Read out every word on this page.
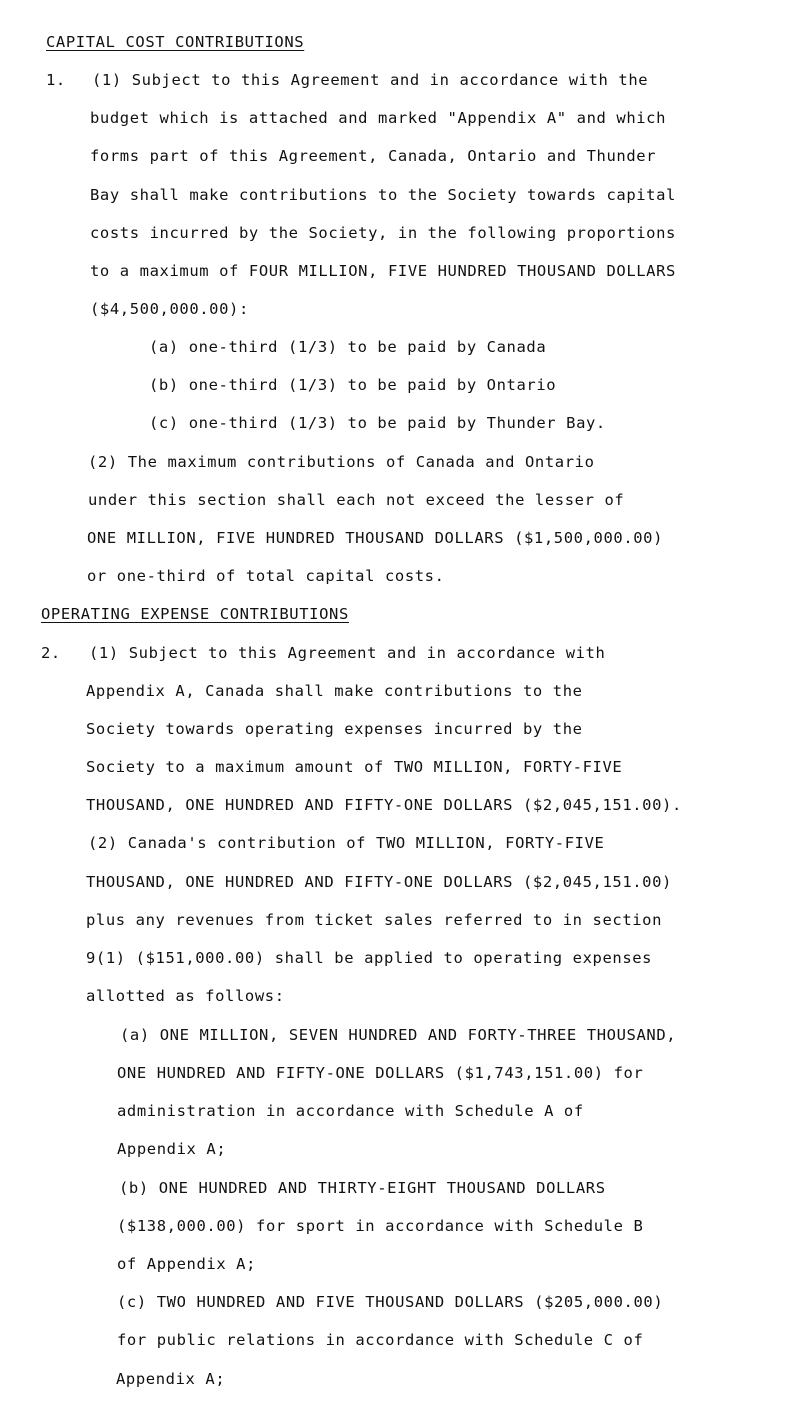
CAPITAL COST CONTRIBUTIONS
1. (1) Subject to this Agreement and in accordance with the
budget which is attached and marked "Appendix A" and which
forms part of this Agreement, Canada, Ontario and Thunder
Bay shall make contributions to the Society towards capital
costs incurred by the Society, in the following proportions
to a maximum of FOUR MILLION, FIVE HUNDRED THOUSAND DOLLARS
($4,500,000.00):
(a) one-third (1/3) to be paid by Canada
(b) one-third (1/3) to be paid by Ontario
(c) one-third (1/3) to be paid by Thunder Bay.
(2) The maximum contributions of Canada and Ontario
under this section shall each not exceed the lesser of
ONE MILLION, FIVE HUNDRED THOUSAND DOLLARS ($1,500,000.00)
or one-third of total capital costs.
OPERATING EXPENSE CONTRIBUTIONS
2. (1) Subject to this Agreement and in accordance with
Appendix A, Canada shall make contributions to the
Society towards operating expenses incurred by the
Society to a maximum amount of TWO MILLION, FORTY-FIVE
THOUSAND, ONE HUNDRED AND FIFTY-ONE DOLLARS ($2,045,151.00).
(2) Canada's contribution of TWO MILLION, FORTY-FIVE
THOUSAND, ONE HUNDRED AND FIFTY-ONE DOLLARS ($2,045,151.00)
plus any revenues from ticket sales referred to in section
9(1) ($151,000.00) shall be applied to operating expenses
allotted as follows:
(a) ONE MILLION, SEVEN HUNDRED AND FORTY-THREE THOUSAND,
ONE HUNDRED AND FIFTY-ONE DOLLARS ($1,743,151.00) for
administration in accordance with Schedule A of
Appendix A;
(b) ONE HUNDRED AND THIRTY-EIGHT THOUSAND DOLLARS
($138,000.00) for sport in accordance with Schedule B
of Appendix A;
(c) TWO HUNDRED AND FIVE THOUSAND DOLLARS ($205,000.00)
for public relations in accordance with Schedule C of
Appendix A;
